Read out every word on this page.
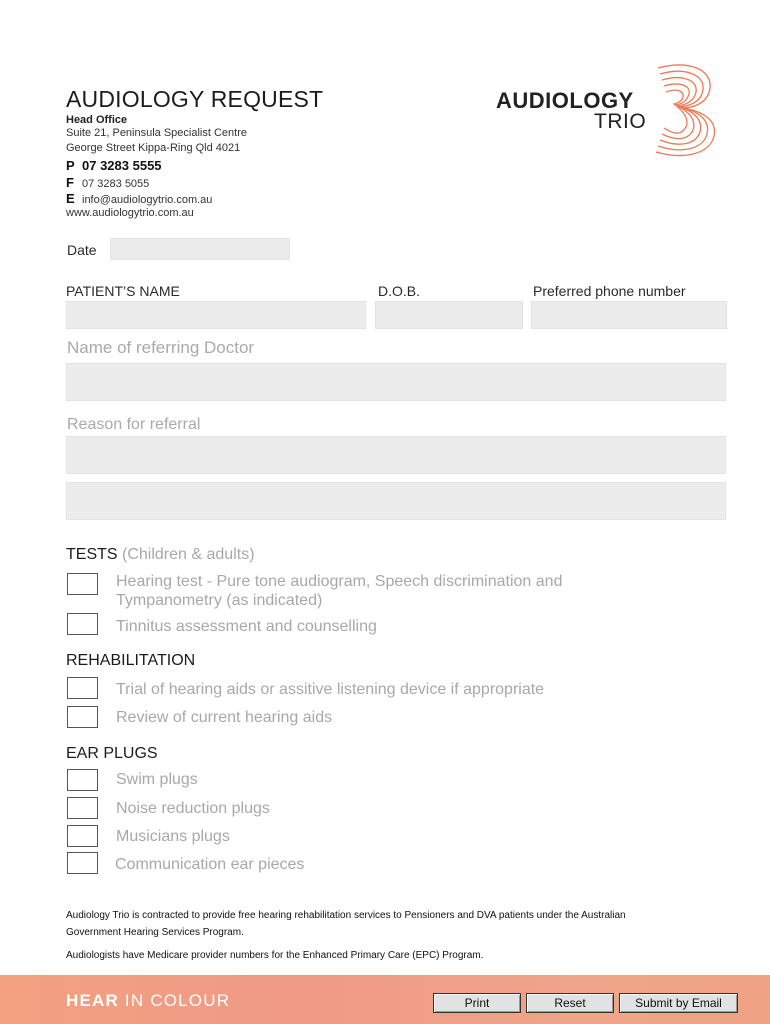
AUDIOLOGY REQUEST
Head Office
Suite 21, Peninsula Specialist Centre
George Street Kippa-Ring Qld 4021
P 07 3283 5555
F 07 3283 5055
E info@audiologytrio.com.au
www.audiologytrio.com.au
AUDIOLOGY
TRIO
Date
PATIENT’S NAME	D.O.B.	Preferred phone number
Name of referring Doctor
Reason for referral
TESTS (Children & adults)
Hearing test - Pure tone audiogram, Speech discrimination and
Tympanometry (as indicated)
Tinnitus assessment and counselling
REHABILITATION
Trial of hearing aids or assitive listening device if appropriate
Review of current hearing aids
EAR PLUGS
Swim plugs
Noise reduction plugs
Musicians plugs
Communication ear pieces
Audiology Trio is contracted to provide free hearing rehabilitation services to Pensioners and DVA patients under the Australian
Government Hearing Services Program.
Audiologists have Medicare provider numbers for the Enhanced Primary Care (EPC) Program.
HEAR IN COLOUR	Print	Reset	Submit by Email
